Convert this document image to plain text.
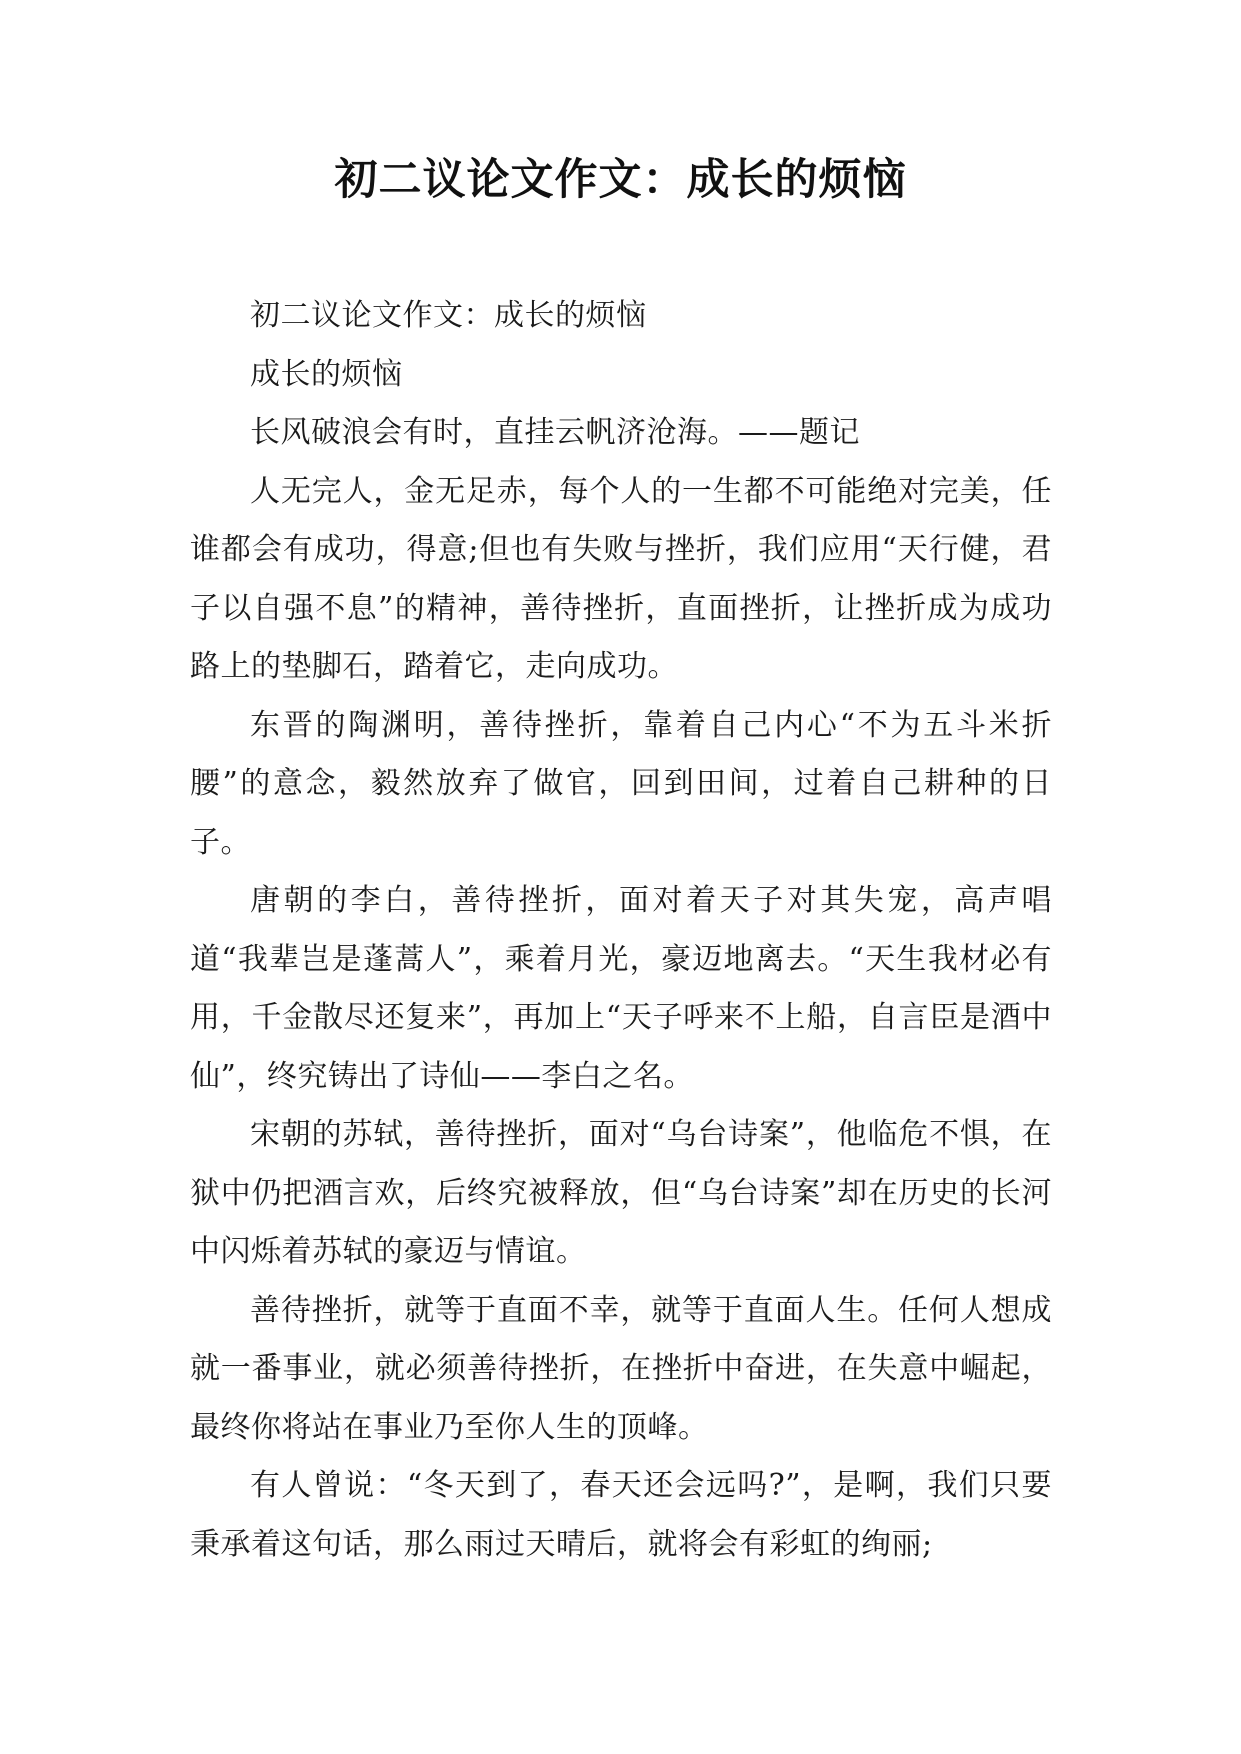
初二议论文作文：成长的烦恼

初二议论文作文：成长的烦恼

成长的烦恼

长风破浪会有时，直挂云帆济沧海。——题记

人无完人，金无足赤，每个人的一生都不可能绝对完美，任谁都会有成功，得意;但也有失败与挫折，我们应用“天行健，君子以自强不息”的精神，善待挫折，直面挫折，让挫折成为成功路上的垫脚石，踏着它，走向成功。

东晋的陶渊明，善待挫折，靠着自己内心“不为五斗米折腰”的意念，毅然放弃了做官，回到田间，过着自己耕种的日子。

唐朝的李白，善待挫折，面对着天子对其失宠，高声唱道“我辈岂是蓬蒿人”，乘着月光，豪迈地离去。“天生我材必有用，千金散尽还复来”，再加上“天子呼来不上船，自言臣是酒中仙”，终究铸出了诗仙——李白之名。

宋朝的苏轼，善待挫折，面对“乌台诗案”，他临危不惧，在狱中仍把酒言欢，后终究被释放，但“乌台诗案”却在历史的长河中闪烁着苏轼的豪迈与情谊。

善待挫折，就等于直面不幸，就等于直面人生。任何人想成就一番事业，就必须善待挫折，在挫折中奋进，在失意中崛起，最终你将站在事业乃至你人生的顶峰。

有人曾说：“冬天到了，春天还会远吗?”，是啊，我们只要秉承着这句话，那么雨过天晴后，就将会有彩虹的绚丽;
